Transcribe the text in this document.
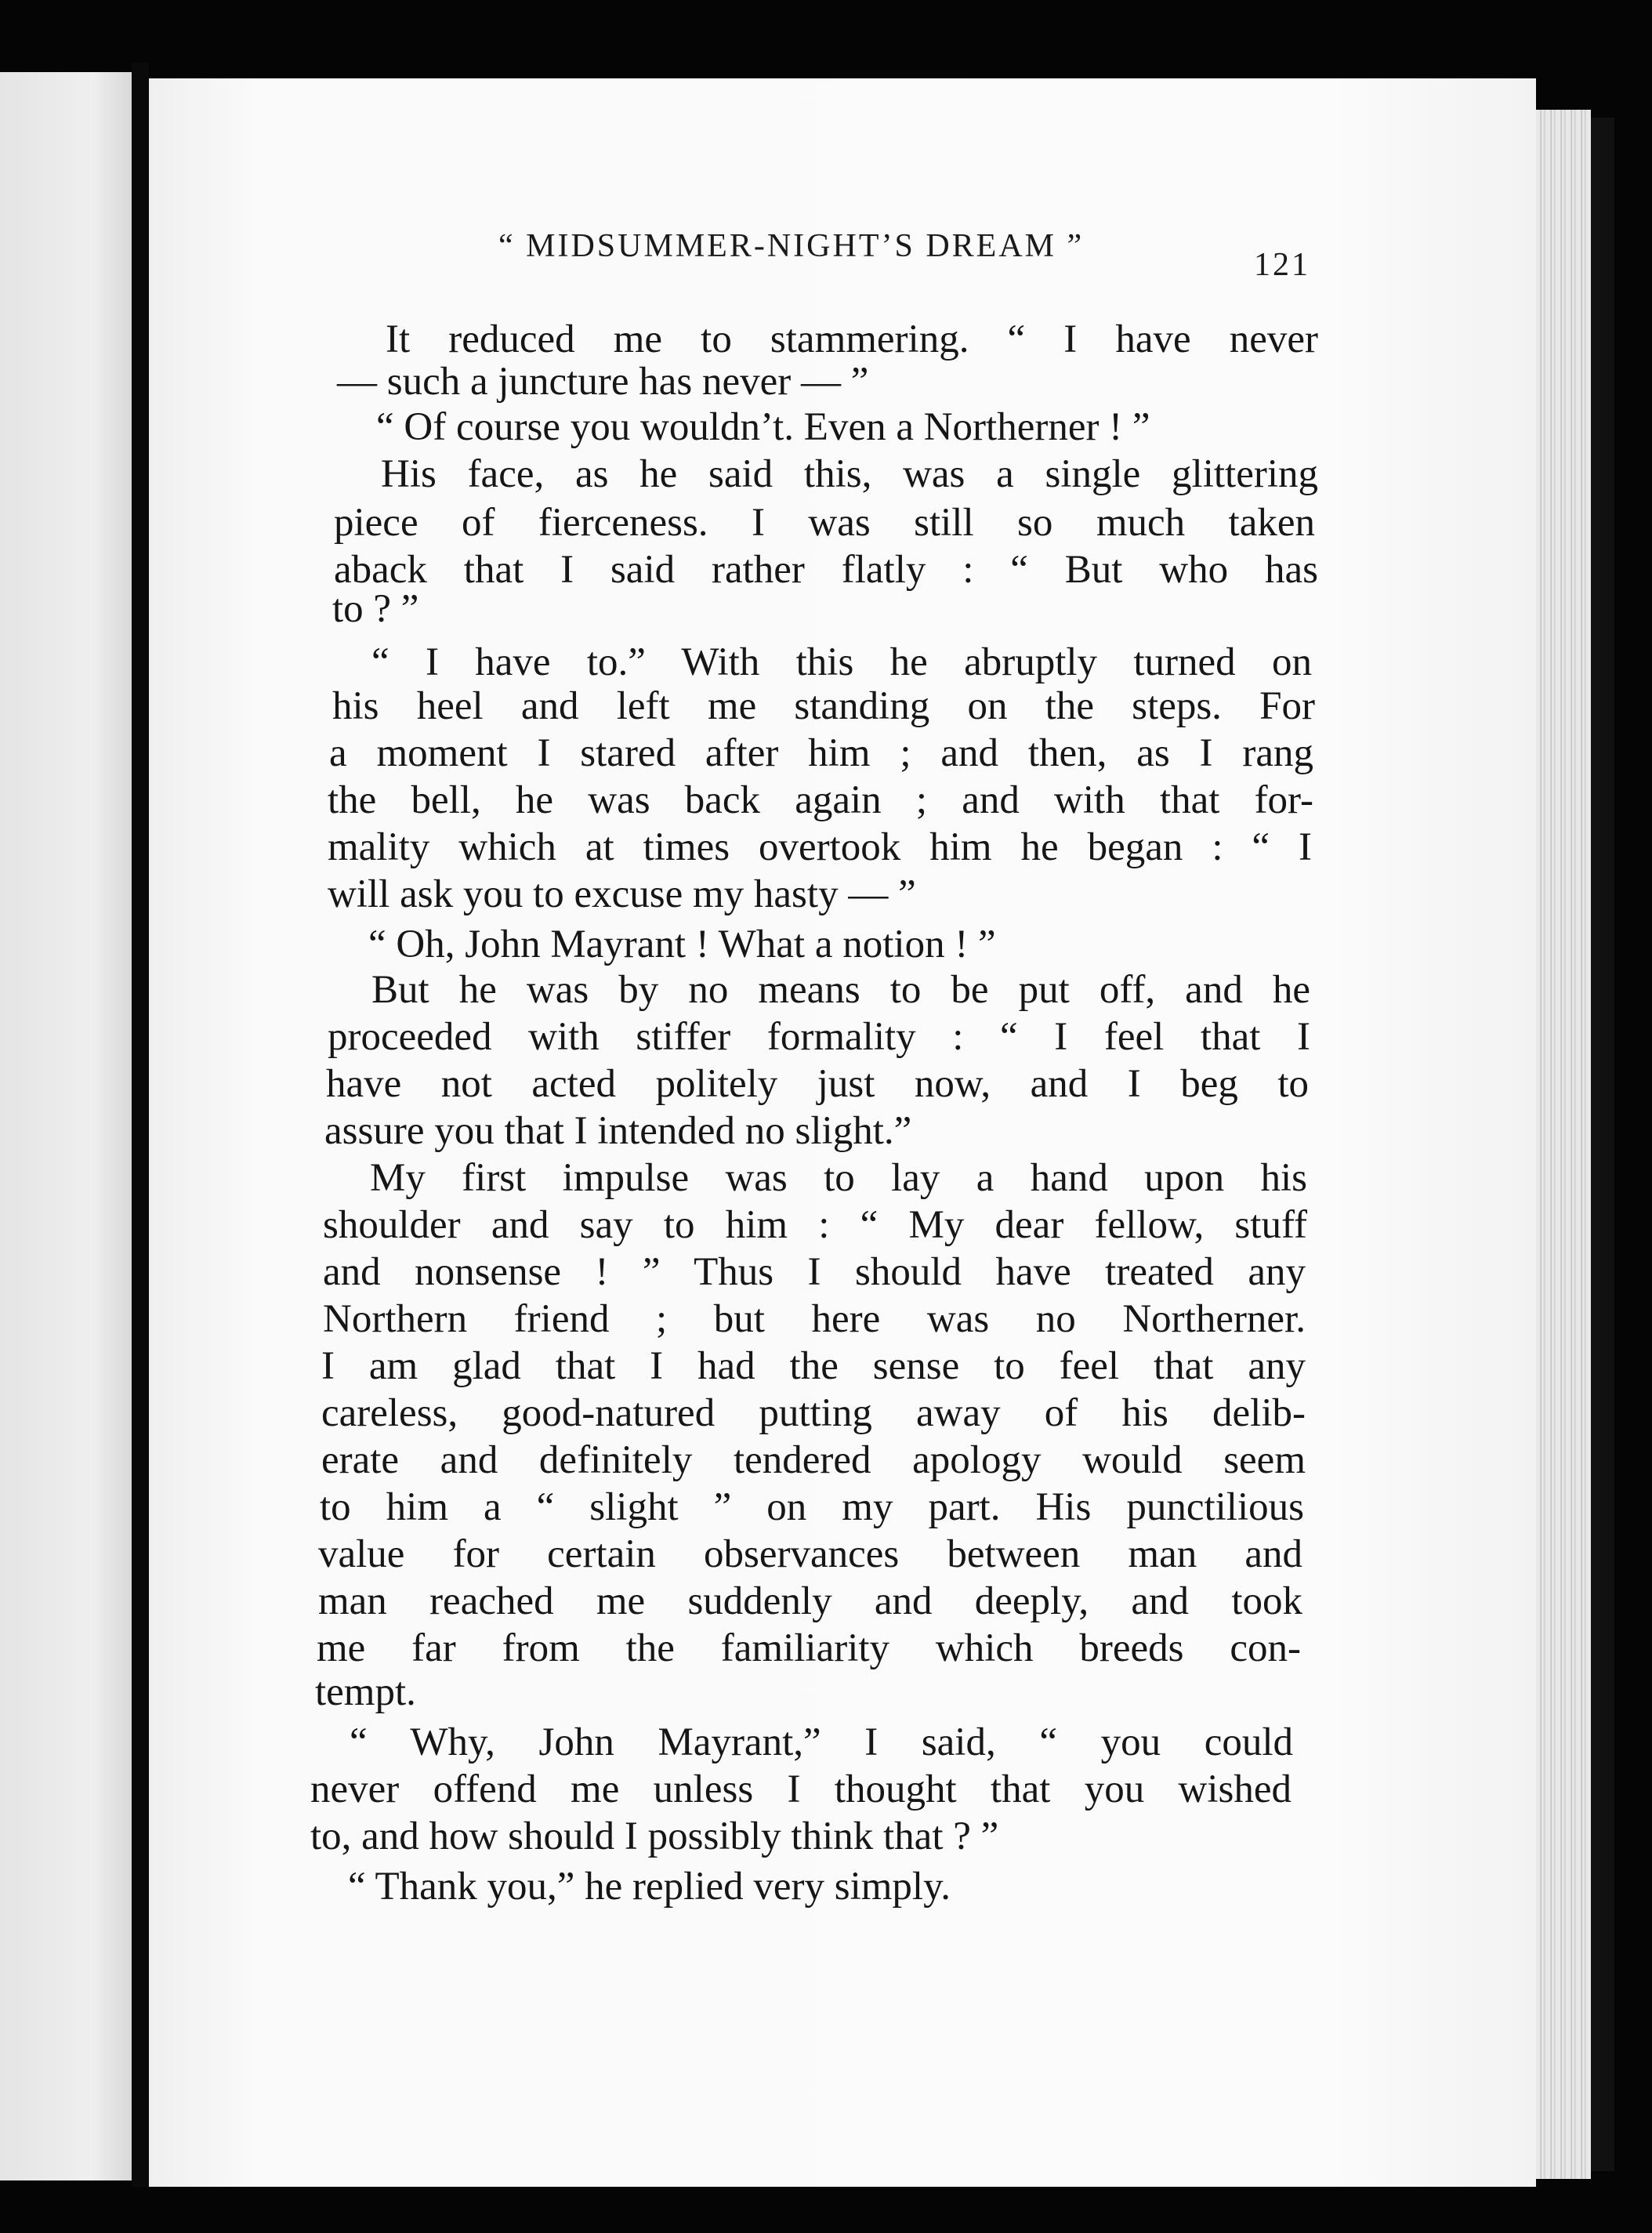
“ MIDSUMMER-NIGHT’S DREAM ”
121
It reduced me to stammering. “ I have never
— such a juncture has never — ”
“ Of course you wouldn’t. Even a Northerner ! ”
His face, as he said this, was a single glittering
piece of fierceness. I was still so much taken
aback that I said rather flatly : “ But who has
to ? ”
“ I have to.” With this he abruptly turned on
his heel and left me standing on the steps. For
a moment I stared after him ; and then, as I rang
the bell, he was back again ; and with that for-
mality which at times overtook him he began : “ I
will ask you to excuse my hasty — ”
“ Oh, John Mayrant ! What a notion ! ”
But he was by no means to be put off, and he
proceeded with stiffer formality : “ I feel that I
have not acted politely just now, and I beg to
assure you that I intended no slight.”
My first impulse was to lay a hand upon his
shoulder and say to him : “ My dear fellow, stuff
and nonsense ! ” Thus I should have treated any
Northern friend ; but here was no Northerner.
I am glad that I had the sense to feel that any
careless, good-natured putting away of his delib-
erate and definitely tendered apology would seem
to him a “ slight ” on my part. His punctilious
value for certain observances between man and
man reached me suddenly and deeply, and took
me far from the familiarity which breeds con-
tempt.
“ Why, John Mayrant,” I said, “ you could
never offend me unless I thought that you wished
to, and how should I possibly think that ? ”
“ Thank you,” he replied very simply.
